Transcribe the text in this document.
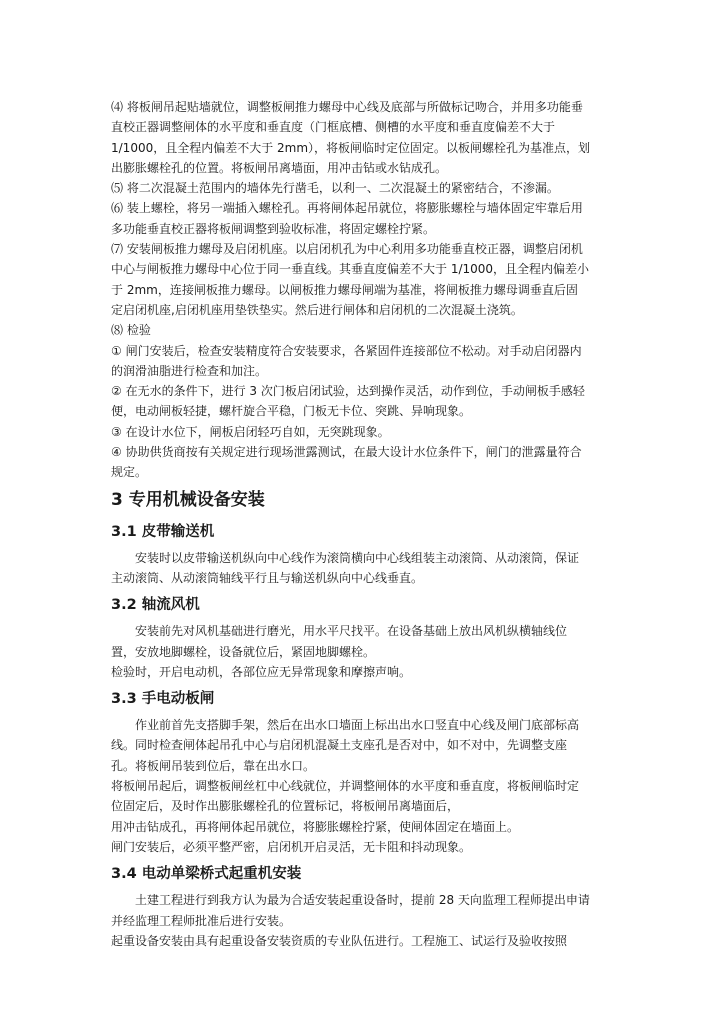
⑷ 将板闸吊起贴墙就位，调整板闸推力螺母中心线及底部与所做标记吻合，并用多功能垂

直校正器调整闸体的水平度和垂直度（门框底槽、侧槽的水平度和垂直度偏差不大于

1/1000，且全程内偏差不大于 2mm），将板闸临时定位固定。以板闸螺栓孔为基准点，划

出膨胀螺栓孔的位置。将板闸吊离墙面，用冲击钻或水钻成孔。

⑸ 将二次混凝土范围内的墙体先行凿毛，以利一、二次混凝土的紧密结合，不渗漏。

⑹ 装上螺栓，将另一端插入螺栓孔。再将闸体起吊就位，将膨胀螺栓与墙体固定牢靠后用

多功能垂直校正器将板闸调整到验收标准，将固定螺栓拧紧。

⑺ 安装闸板推力螺母及启闭机座。以启闭机孔为中心利用多功能垂直校正器，调整启闭机

中心与闸板推力螺母中心位于同一垂直线。其垂直度偏差不大于 1/1000，且全程内偏差小

于 2mm，连接闸板推力螺母。以闸板推力螺母闸端为基准，将闸板推力螺母调垂直后固

定启闭机座,启闭机座用垫铁垫实。然后进行闸体和启闭机的二次混凝土浇筑。

⑻ 检验

① 闸门安装后，检查安装精度符合安装要求，各紧固件连接部位不松动。对手动启闭器内

的润滑油脂进行检查和加注。

② 在无水的条件下，进行 3 次门板启闭试验，达到操作灵活，动作到位，手动闸板手感轻

便，电动闸板轻捷，螺杆旋合平稳，门板无卡位、突跳、异响现象。

③ 在设计水位下，闸板启闭轻巧自如，无突跳现象。

④ 协助供货商按有关规定进行现场泄露测试，在最大设计水位条件下，闸门的泄露量符合

规定。

3 专用机械设备安装
3.1 皮带输送机

安装时以皮带输送机纵向中心线作为滚筒横向中心线组装主动滚筒、从动滚筒，保证

主动滚筒、从动滚筒轴线平行且与输送机纵向中心线垂直。

3.2 轴流风机

安装前先对风机基础进行磨光，用水平尺找平。在设备基础上放出风机纵横轴线位

置，安放地脚螺栓，设备就位后，紧固地脚螺栓。

检验时，开启电动机，各部位应无异常现象和摩擦声响。

3.3 手电动板闸

作业前首先支搭脚手架，然后在出水口墙面上标出出水口竖直中心线及闸门底部标高

线。同时检查闸体起吊孔中心与启闭机混凝土支座孔是否对中，如不对中，先调整支座

孔。将板闸吊装到位后，靠在出水口。

将板闸吊起后，调整板闸丝杠中心线就位，并调整闸体的水平度和垂直度，将板闸临时定

位固定后，及时作出膨胀螺栓孔的位置标记，将板闸吊离墙面后，

用冲击钻成孔，再将闸体起吊就位，将膨胀螺栓拧紧，使闸体固定在墙面上。

闸门安装后，必须平整严密，启闭机开启灵活，无卡阻和抖动现象。

3.4 电动单梁桥式起重机安装

土建工程进行到我方认为最为合适安装起重设备时，提前 28 天向监理工程师提出申请

并经监理工程师批准后进行安装。

起重设备安装由具有起重设备安装资质的专业队伍进行。工程施工、试运行及验收按照
